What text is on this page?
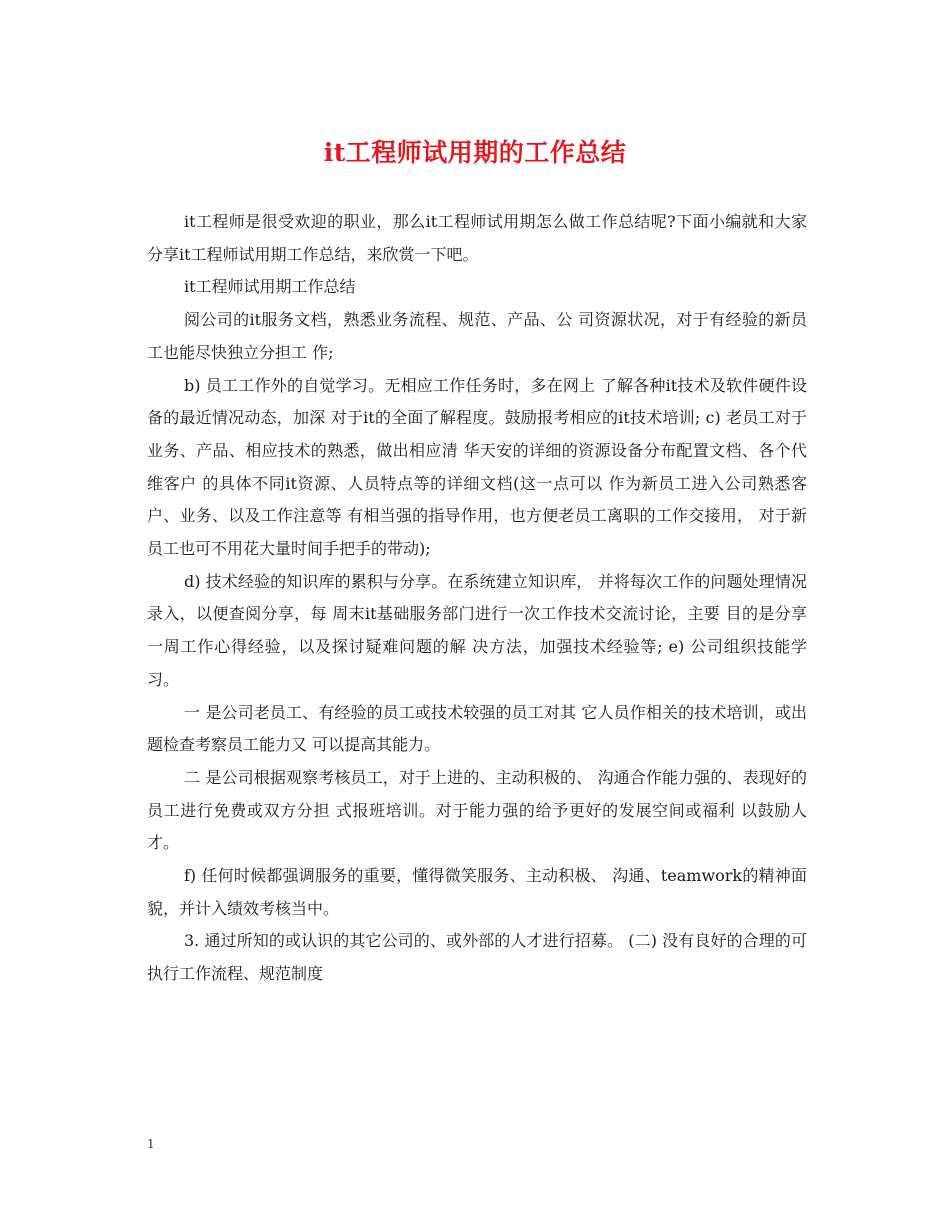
it工程师试用期的工作总结

it工程师是很受欢迎的职业，那么it工程师试用期怎么做工作总结呢?下面小编就和大家分享it工程师试用期工作总结，来欣赏一下吧。

it工程师试用期工作总结

阅公司的it服务文档，熟悉业务流程、规范、产品、公 司资源状况，对于有经验的新员工也能尽快独立分担工 作;

b) 员工工作外的自觉学习。无相应工作任务时，多在网上 了解各种it技术及软件硬件设备的最近情况动态，加深 对于it的全面了解程度。鼓励报考相应的it技术培训; c) 老员工对于业务、产品、相应技术的熟悉，做出相应清 华天安的详细的资源设备分布配置文档、各个代维客户 的具体不同it资源、人员特点等的详细文档(这一点可以 作为新员工进入公司熟悉客户、业务、以及工作注意等 有相当强的指导作用，也方便老员工离职的工作交接用， 对于新员工也可不用花大量时间手把手的带动);

d) 技术经验的知识库的累积与分享。在系统建立知识库， 并将每次工作的问题处理情况录入，以便查阅分享，每 周末it基础服务部门进行一次工作技术交流讨论，主要 目的是分享一周工作心得经验，以及探讨疑难问题的解 决方法，加强技术经验等; e) 公司组织技能学习。

一 是公司老员工、有经验的员工或技术较强的员工对其 它人员作相关的技术培训，或出题检查考察员工能力又 可以提高其能力。

二 是公司根据观察考核员工，对于上进的、主动积极的、 沟通合作能力强的、表现好的员工进行免费或双方分担 式报班培训。对于能力强的给予更好的发展空间或福利 以鼓励人才。

f) 任何时候都强调服务的重要，懂得微笑服务、主动积极、 沟通、teamwork的精神面貌，并计入绩效考核当中。

3. 通过所知的或认识的其它公司的、或外部的人才进行招募。 (二) 没有良好的合理的可执行工作流程、规范制度

1
